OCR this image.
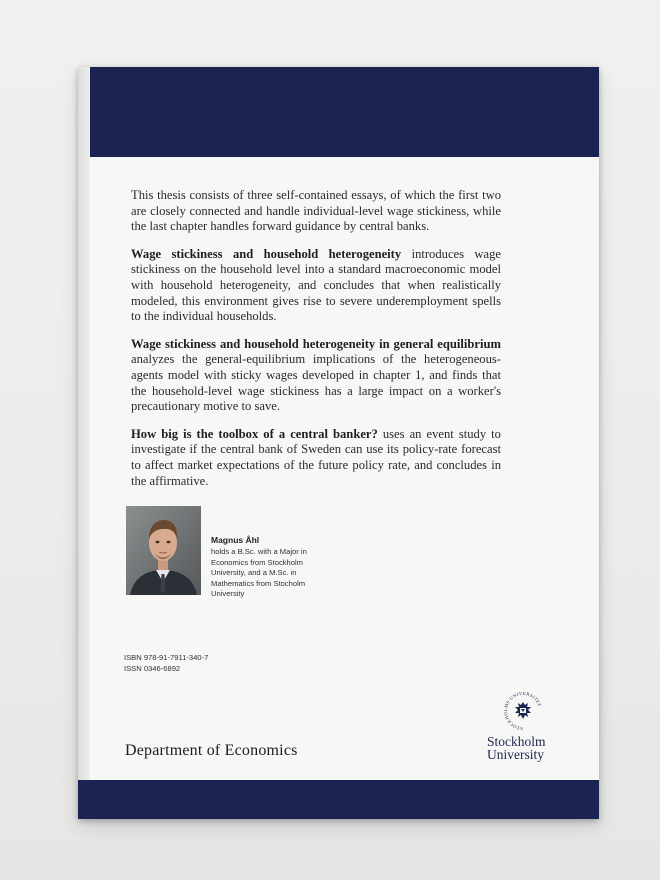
This thesis consists of three self-contained essays, of which the first two are closely connected and handle individual-level wage stickiness, while the last chapter handles forward guidance by central banks.

Wage stickiness and household heterogeneity introduces wage stickiness on the household level into a standard macroeconomic model with household heterogeneity, and concludes that when realistically modeled, this environment gives rise to severe underemployment spells to the individual households.

Wage stickiness and household heterogeneity in general equilibrium analyzes the general-equilibrium implications of the heterogeneous-agents model with sticky wages developed in chapter 1, and finds that the household-level wage stickiness has a large impact on a worker's precautionary motive to save.

How big is the toolbox of a central banker? uses an event study to investigate if the central bank of Sweden can use its policy-rate forecast to affect market expectations of the future policy rate, and concludes in the affirmative.

Magnus Åhl
holds a B.Sc. with a Major in Economics from Stockholm University, and a M.Sc. in Mathematics from Stocholm University
ISBN 978-91-7911-340-7
ISSN 0346-6892
Department of Economics
STOCKHOLMS UNIVERSITET
Stockholm
University
